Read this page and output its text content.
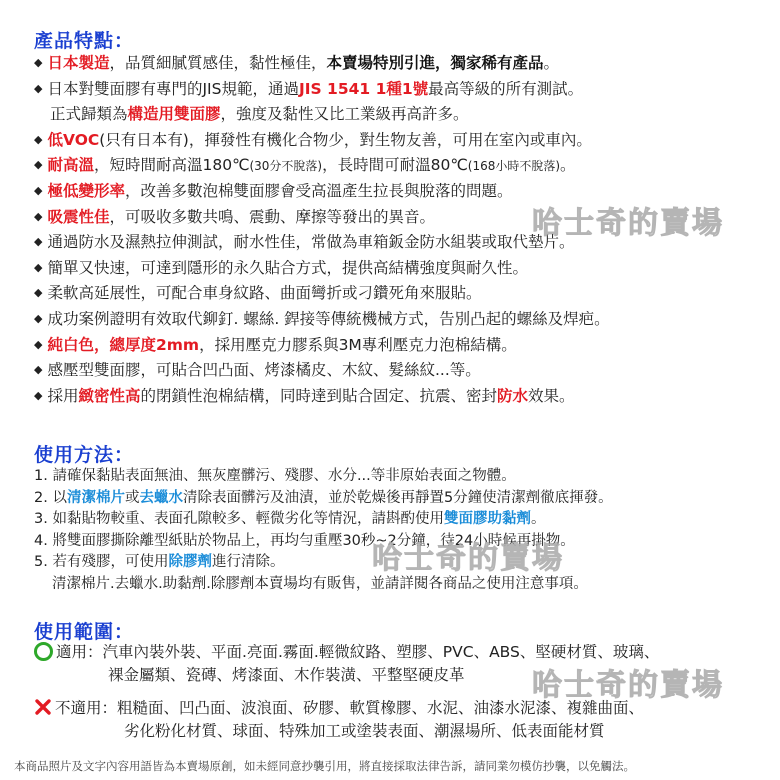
產品特點：
◆ 日本製造，品質細膩質感佳，黏性極佳，本賣場特別引進，獨家稀有產品。
◆ 日本對雙面膠有專門的JIS規範，通過JIS 1541 1種1號最高等級的所有測試。
正式歸類為構造用雙面膠，強度及黏性又比工業級再高許多。
◆ 低VOC(只有日本有)，揮發性有機化合物少，對生物友善，可用在室內或車內。
◆ 耐高溫，短時間耐高溫180℃(30分不脫落)，長時間可耐溫80℃(168小時不脫落)。
◆ 極低變形率，改善多數泡棉雙面膠會受高溫產生拉長與脫落的問題。
◆ 吸震性佳，可吸收多數共鳴、震動、摩擦等發出的異音。
◆ 通過防水及濕熱拉伸測試，耐水性佳，常做為車箱鈑金防水組裝或取代墊片。
◆ 簡單又快速，可達到隱形的永久貼合方式，提供高結構強度與耐久性。
◆ 柔軟高延展性，可配合車身紋路、曲面彎折或刁鑽死角來服貼。
◆ 成功案例證明有效取代鉚釘. 螺絲. 銲接等傳統機械方式，告別凸起的螺絲及焊疤。
◆ 純白色，總厚度2mm，採用壓克力膠系與3M專利壓克力泡棉結構。
◆ 感壓型雙面膠，可貼合凹凸面、烤漆橘皮、木紋、髮絲紋...等。
◆ 採用緻密性高的閉鎖性泡棉結構，同時達到貼合固定、抗震、密封防水效果。
使用方法：
1. 請確保黏貼表面無油、無灰塵髒污、殘膠、水分...等非原始表面之物體。
2. 以清潔棉片或去蠟水清除表面髒污及油漬，並於乾燥後再靜置5分鐘使清潔劑徹底揮發。
3. 如黏貼物較重、表面孔隙較多、輕微劣化等情況，請斟酌使用雙面膠助黏劑。
4. 將雙面膠撕除離型紙貼於物品上，再均勻重壓30秒~2分鐘，待24小時候再掛物。
5. 若有殘膠，可使用除膠劑進行清除。
清潔棉片.去蠟水.助黏劑.除膠劑本賣場均有販售，並請詳閱各商品之使用注意事項。
使用範圍：
適用：汽車內裝外裝、平面.亮面.霧面.輕微紋路、塑膠、PVC、ABS、堅硬材質、玻璃、
裸金屬類、瓷磚、烤漆面、木作裝潢、平整堅硬皮革
不適用：粗糙面、凹凸面、波浪面、矽膠、軟質橡膠、水泥、油漆水泥漆、複雜曲面、
劣化粉化材質、球面、特殊加工或塗裝表面、潮濕場所、低表面能材質
哈士奇的賣場
哈士奇的賣場
哈士奇的賣場
本商品照片及文字內容用語皆為本賣場原創，如未經同意抄襲引用，將直接採取法律告訴，請同業勿模仿抄襲，以免觸法。
